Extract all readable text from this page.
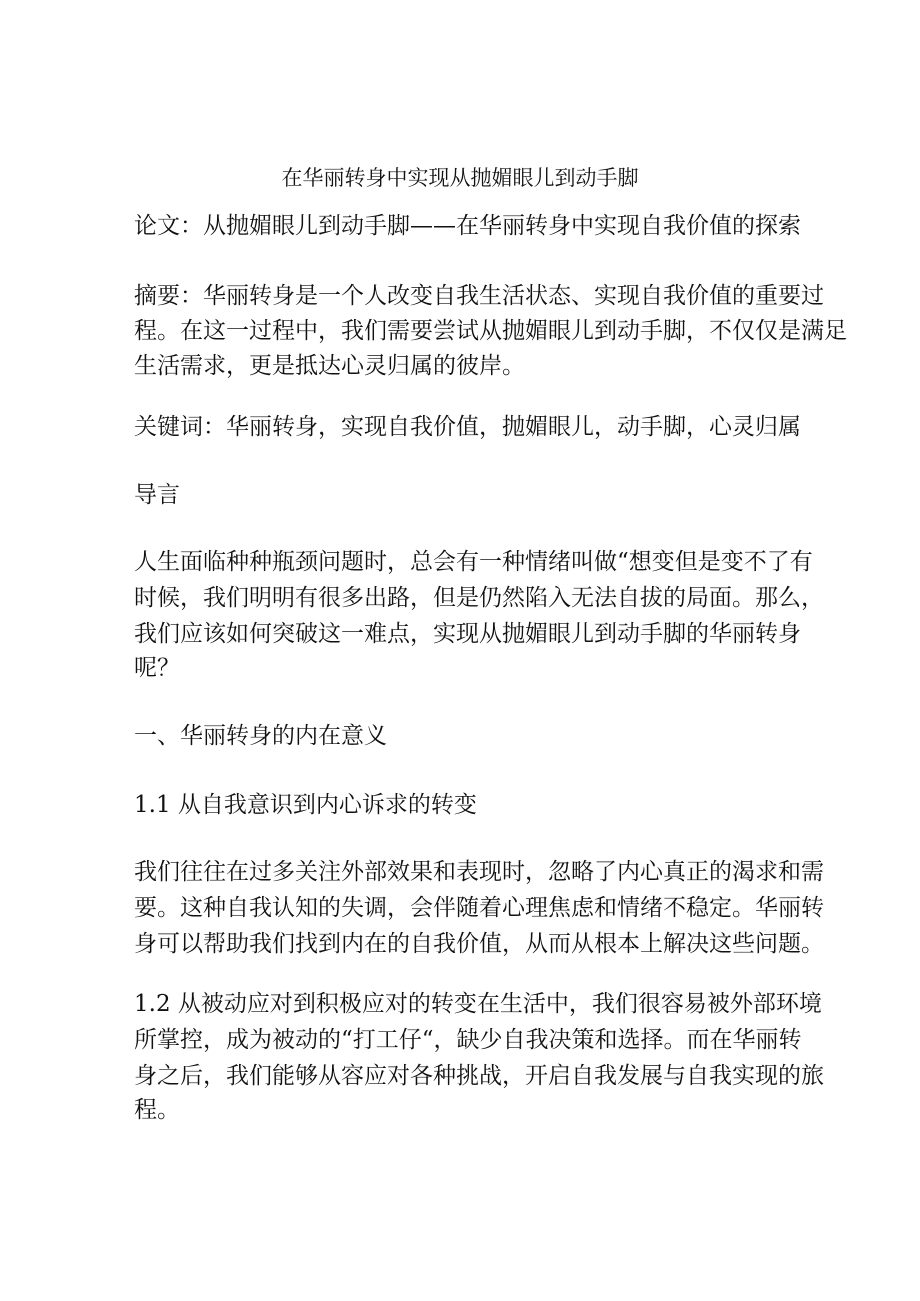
在华丽转身中实现从抛媚眼儿到动手脚

论文：从抛媚眼儿到动手脚——在华丽转身中实现自我价值的探索

摘要：华丽转身是一个人改变自我生活状态、实现自我价值的重要过

程。在这一过程中，我们需要尝试从抛媚眼儿到动手脚，不仅仅是满足

生活需求，更是抵达心灵归属的彼岸。

关键词：华丽转身，实现自我价值，抛媚眼儿，动手脚，心灵归属

导言

人生面临种种瓶颈问题时，总会有一种情绪叫做“想变但是变不了有

时候，我们明明有很多出路，但是仍然陷入无法自拔的局面。那么，

我们应该如何突破这一难点，实现从抛媚眼儿到动手脚的华丽转身

呢？

一、华丽转身的内在意义

1.1 从自我意识到内心诉求的转变

我们往往在过多关注外部效果和表现时，忽略了内心真正的渴求和需

要。这种自我认知的失调，会伴随着心理焦虑和情绪不稳定。华丽转

身可以帮助我们找到内在的自我价值，从而从根本上解决这些问题。

1.2 从被动应对到积极应对的转变在生活中，我们很容易被外部环境

所掌控，成为被动的“打工仔“，缺少自我决策和选择。而在华丽转

身之后，我们能够从容应对各种挑战，开启自我发展与自我实现的旅

程。
